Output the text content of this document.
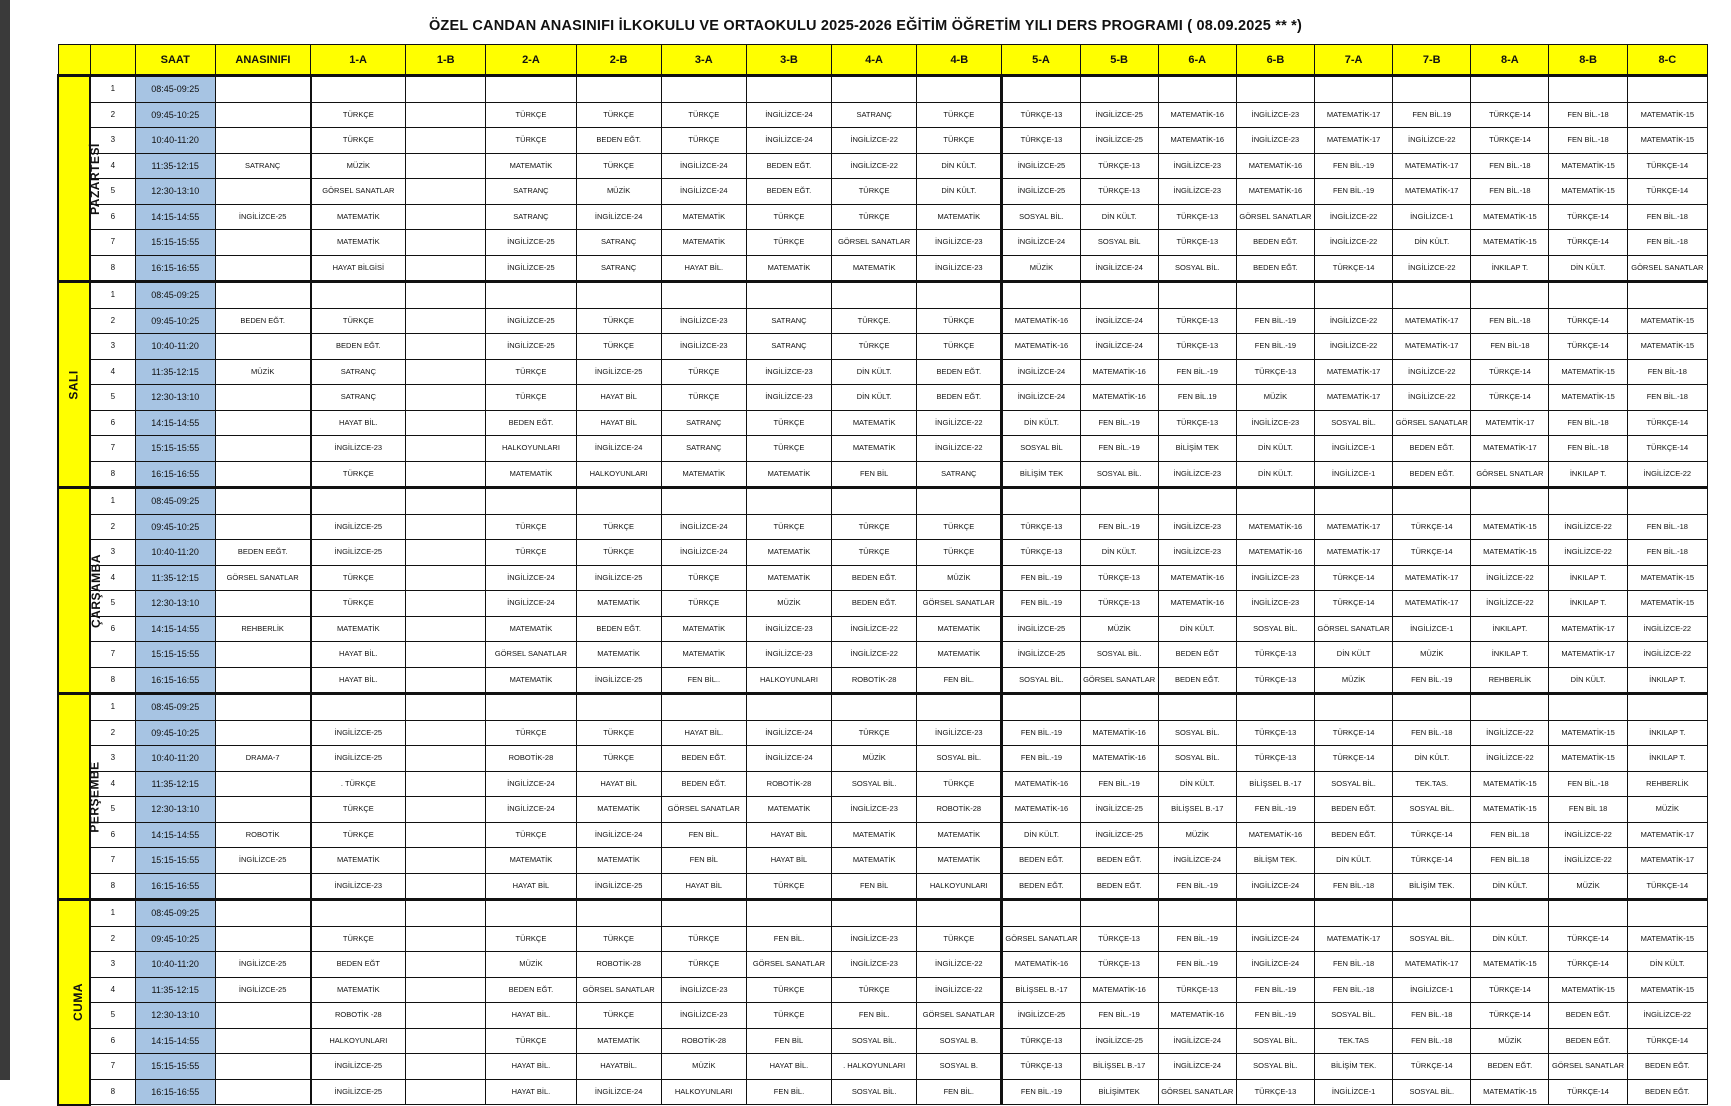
ÖZEL CANDAN ANASINIFI İLKOKULU VE ORTAOKULU 2025-2026 EĞİTİM ÖĞRETİM YILI DERS PROGRAMI ( 08.09.2025 ** *)
		SAAT	ANASINIFI	1-A	1-B	2-A	2-B	3-A	3-B	4-A	4-B	5-A	5-B	6-A	6-B	7-A	7-B	8-A	8-B	8-C
PAZARTESİ	1	08:45-09:25																		
	2	09:45-10:25		TÜRKÇE		TÜRKÇE	TÜRKÇE	TÜRKÇE	İNGİLİZCE-24	SATRANÇ	TÜRKÇE	TÜRKÇE-13	İNGİLİZCE-25	MATEMATİK-16	İNGİLİZCE-23	MATEMATİK-17	FEN BİL.19	TÜRKÇE-14	FEN BİL.-18	MATEMATİK-15
	3	10:40-11:20		TÜRKÇE		TÜRKÇE	BEDEN EĞT.	TÜRKÇE	İNGİLİZCE-24	İNGİLİZCE-22	TÜRKÇE	TÜRKÇE-13	İNGİLİZCE-25	MATEMATİK-16	İNGİLİZCE-23	MATEMATİK-17	İNGİLİZCE-22	TÜRKÇE-14	FEN BİL.-18	MATEMATİK-15
	4	11:35-12:15	SATRANÇ	MÜZİK		MATEMATİK	TÜRKÇE	İNGİLİZCE-24	BEDEN EĞT.	İNGİLİZCE-22	DİN KÜLT.	İNGİLİZCE-25	TÜRKÇE-13	İNGİLİZCE-23	MATEMATİK-16	FEN BİL.-19	MATEMATİK-17	FEN BİL.-18	MATEMATİK-15	TÜRKÇE-14
	5	12:30-13:10		GÖRSEL SANATLAR		SATRANÇ	MÜZİK	İNGİLİZCE-24	BEDEN EĞT.	TÜRKÇE	DİN KÜLT.	İNGİLİZCE-25	TÜRKÇE-13	İNGİLİZCE-23	MATEMATİK-16	FEN BİL.-19	MATEMATİK-17	FEN BİL.-18	MATEMATİK-15	TÜRKÇE-14
	6	14:15-14:55	İNGİLİZCE-25	MATEMATİK		SATRANÇ	İNGİLİZCE-24	MATEMATİK	TÜRKÇE	TÜRKÇE	MATEMATİK	SOSYAL BİL.	DİN KÜLT.	TÜRKÇE-13	GÖRSEL SANATLAR	İNGİLİZCE-22	İNGİLİZCE-1	MATEMATİK-15	TÜRKÇE-14	FEN BİL.-18
	7	15:15-15:55		MATEMATİK		İNGİLİZCE-25	SATRANÇ	MATEMATİK	TÜRKÇE	GÖRSEL SANATLAR	İNGİLİZCE-23	İNGİLİZCE-24	SOSYAL BİL	TÜRKÇE-13	BEDEN EĞT.	İNGİLİZCE-22	DİN KÜLT.	MATEMATİK-15	TÜRKÇE-14	FEN BİL.-18
	8	16:15-16:55		HAYAT BİLGİSİ		İNGİLİZCE-25	SATRANÇ	HAYAT BİL.	MATEMATİK	MATEMATİK	İNGİLİZCE-23	MÜZİK	İNGİLİZCE-24	SOSYAL BİL.	BEDEN EĞT.	TÜRKÇE-14	İNGİLİZCE-22	İNKILAP T.	DİN KÜLT.	GÖRSEL SANATLAR
SALI	1	08:45-09:25																		
	2	09:45-10:25	BEDEN EĞT.	TÜRKÇE		İNGİLİZCE-25	TÜRKÇE	İNGİLİZCE-23	SATRANÇ	TÜRKÇE.	TÜRKÇE	MATEMATİK-16	İNGİLİZCE-24	TÜRKÇE-13	FEN BİL.-19	İNGİLİZCE-22	MATEMATİK-17	FEN BİL.-18	TÜRKÇE-14	MATEMATİK-15
	3	10:40-11:20		BEDEN EĞT.		İNGİLİZCE-25	TÜRKÇE	İNGİLİZCE-23	SATRANÇ	TÜRKÇE	TÜRKÇE	MATEMATİK-16	İNGİLİZCE-24	TÜRKÇE-13	FEN BİL.-19	İNGİLİZCE-22	MATEMATİK-17	FEN BİL-18	TÜRKÇE-14	MATEMATİK-15
	4	11:35-12:15	MÜZİK	SATRANÇ		TÜRKÇE	İNGİLİZCE-25	TÜRKÇE	İNGİLİZCE-23	DİN KÜLT.	BEDEN EĞT.	İNGİLİZCE-24	MATEMATİK-16	FEN BİL.-19	TÜRKÇE-13	MATEMATİK-17	İNGİLİZCE-22	TÜRKÇE-14	MATEMATİK-15	FEN BİL-18
	5	12:30-13:10		SATRANÇ		TÜRKÇE	HAYAT BİL	TÜRKÇE	İNGİLİZCE-23	DİN KÜLT.	BEDEN EĞT.	İNGİLİZCE-24	MATEMATİK-16	FEN BİL.19	MÜZİK	MATEMATİK-17	İNGİLİZCE-22	TÜRKÇE-14	MATEMATİK-15	FEN BİL.-18
	6	14:15-14:55		HAYAT BİL.		BEDEN EĞT.	HAYAT BİL	SATRANÇ	TÜRKÇE	MATEMATİK	İNGİLİZCE-22	DİN KÜLT.	FEN BİL.-19	TÜRKÇE-13	İNGİLİZCE-23	SOSYAL BİL.	GÖRSEL SANATLAR	MATEMTİK-17	FEN BİL.-18	TÜRKÇE-14
	7	15:15-15:55		İNGİLİZCE-23		HALKOYUNLARI	İNGİLİZCE-24	SATRANÇ	TÜRKÇE	MATEMATİK	İNGİLİZCE-22	SOSYAL BİL	FEN BİL.-19	BİLİŞİM TEK	DİN KÜLT.	İNGİLİZCE-1	BEDEN EĞT.	MATEMATİK-17	FEN BİL.-18	TÜRKÇE-14
	8	16:15-16:55		TÜRKÇE		MATEMATİK	HALKOYUNLARI	MATEMATİK	MATEMATİK	FEN BİL	SATRANÇ	BİLİŞİM TEK	SOSYAL BİL.	İNGİLİZCE-23	DİN KÜLT.	İNGİLİZCE-1	BEDEN EĞT.	GÖRSEL SNATLAR	İNKILAP T.	İNGİLİZCE-22
ÇARŞAMBA	1	08:45-09:25																		
	2	09:45-10:25		İNGİLİZCE-25		TÜRKÇE	TÜRKÇE	İNGİLİZCE-24	TÜRKÇE	TÜRKÇE	TÜRKÇE	TÜRKÇE-13	FEN BİL.-19	İNGİLİZCE-23	MATEMATİK-16	MATEMATİK-17	TÜRKÇE-14	MATEMATİK-15	İNGİLİZCE-22	FEN BİL.-18
	3	10:40-11:20	BEDEN EEĞT.	İNGİLİZCE-25		TÜRKÇE	TÜRKÇE	İNGİLİZCE-24	MATEMATİK	TÜRKÇE	TÜRKÇE	TÜRKÇE-13	DİN KÜLT.	İNGİLİZCE-23	MATEMATİK-16	MATEMATİK-17	TÜRKÇE-14	MATEMATİK-15	İNGİLİZCE-22	FEN BİL.-18
	4	11:35-12:15	GÖRSEL SANATLAR	TÜRKÇE		İNGİLİZCE-24	İNGİLİZCE-25	TÜRKÇE	MATEMATİK	BEDEN EĞT.	MÜZİK	FEN BİL.-19	TÜRKÇE-13	MATEMATİK-16	İNGİLİZCE-23	TÜRKÇE-14	MATEMATİK-17	İNGİLİZCE-22	İNKILAP T.	MATEMATİK-15
	5	12:30-13:10		TÜRKÇE		İNGİLİZCE-24	MATEMATİK	TÜRKÇE	MÜZİK	BEDEN EĞT.	GÖRSEL SANATLAR	FEN BİL.-19	TÜRKÇE-13	MATEMATİK-16	İNGİLİZCE-23	TÜRKÇE-14	MATEMATİK-17	İNGİLİZCE-22	İNKILAP T.	MATEMATİK-15
	6	14:15-14:55	REHBERLİK	MATEMATİK		MATEMATİK	BEDEN EĞT.	MATEMATİK	İNGİLİZCE-23	İNGİLİZCE-22	MATEMATİK	İNGİLİZCE-25	MÜZİK	DİN KÜLT.	SOSYAL BİL.	GÖRSEL SANATLAR	İNGİLİZCE-1	İNKILAPT.	MATEMATİK-17	İNGİLİZCE-22
	7	15:15-15:55		HAYAT BİL.		GÖRSEL SANATLAR	MATEMATİK	MATEMATİK	İNGİLİZCE-23	İNGİLİZCE-22	MATEMATİK	İNGİLİZCE-25	SOSYAL BİL.	BEDEN EĞT	TÜRKÇE-13	DİN KÜLT	MÜZİK	İNKILAP T.	MATEMATİK-17	İNGİLİZCE-22
	8	16:15-16:55		HAYAT BİL.		MATEMATİK	İNGİLİZCE-25	FEN BİL..	HALKOYUNLARI	ROBOTİK-28	FEN BİL.	SOSYAL BİL.	GÖRSEL SANATLAR	BEDEN EĞT.	TÜRKÇE-13	MÜZİK	FEN BİL.-19	REHBERLİK	DİN KÜLT.	İNKILAP T.
PERŞEMBE	1	08:45-09:25																		
	2	09:45-10:25		İNGİLİZCE-25		TÜRKÇE	TÜRKÇE	HAYAT BİL.	İNGİLİZCE-24	TÜRKÇE	İNGİLİZCE-23	FEN BİL.-19	MATEMATİK-16	SOSYAL BİL.	TÜRKÇE-13	TÜRKÇE-14	FEN BİL.-18	İNGİLİZCE-22	MATEMATİK-15	İNKILAP T.
	3	10:40-11:20	DRAMA-7	İNGİLİZCE-25		ROBOTİK-28	TÜRKÇE	BEDEN EĞT.	İNGİLİZCE-24	MÜZİK	SOSYAL BİL.	FEN BİL.-19	MATEMATİK-16	SOSYAL BİL.	TÜRKÇE-13	TÜRKÇE-14	DİN KÜLT.	İNGİLİZCE-22	MATEMATİK-15	İNKILAP T.
	4	11:35-12:15		. TÜRKÇE		İNGİLİZCE-24	HAYAT BİL	BEDEN EĞT.	ROBOTİK-28	SOSYAL BİL.	TÜRKÇE	MATEMATİK-16	FEN BİL.-19	DİN KÜLT.	BİLİŞSEL B.-17	SOSYAL BİL.	TEK.TAS.	MATEMATİK-15	FEN BİL.-18	REHBERLİK
	5	12:30-13:10		TÜRKÇE		İNGİLİZCE-24	MATEMATİK	GÖRSEL SANATLAR	MATEMATİK	İNGİLİZCE-23	ROBOTİK-28	MATEMATİK-16	İNGİLİZCE-25	BİLİŞSEL B.-17	FEN BİL.-19	BEDEN EĞT.	SOSYAL BİL.	MATEMATİK-15	FEN BİL 18	MÜZİK
	6	14:15-14:55	ROBOTİK	TÜRKÇE		TÜRKÇE	İNGİLİZCE-24	FEN BİL.	HAYAT BİL	MATEMATİK	MATEMATİK	DİN KÜLT.	İNGİLİZCE-25	MÜZİK	MATEMATİK-16	BEDEN EĞT.	TÜRKÇE-14	FEN BİL.18	İNGİLİZCE-22	MATEMATİK-17
	7	15:15-15:55	İNGİLİZCE-25	MATEMATİK		MATEMATİK	MATEMATİK	FEN BİL	HAYAT BİL	MATEMATİK	MATEMATİK	BEDEN EĞT.	BEDEN EĞT.	İNGİLİZCE-24	BİLİŞM TEK.	DİN KÜLT.	TÜRKÇE-14	FEN BİL.18	İNGİLİZCE-22	MATEMATİK-17
	8	16:15-16:55		İNGİLİZCE-23		HAYAT BİL	İNGİLİZCE-25	HAYAT BİL	TÜRKÇE	FEN BİL	HALKOYUNLARI	BEDEN EĞT.	BEDEN EĞT.	FEN BİL.-19	İNGİLİZCE-24	FEN BİL.-18	BİLİŞİM TEK.	DİN KÜLT.	MÜZİK	TÜRKÇE-14
CUMA	1	08:45-09:25																		
	2	09:45-10:25		TÜRKÇE		TÜRKÇE	TÜRKÇE	TÜRKÇE	FEN BİL.	İNGİLİZCE-23	TÜRKÇE	GÖRSEL SANATLAR	TÜRKÇE-13	FEN BİL.-19	İNGİLİZCE-24	MATEMATİK-17	SOSYAL BİL.	DİN KÜLT.	TÜRKÇE-14	MATEMATİK-15
	3	10:40-11:20	İNGİLİZCE-25	BEDEN EĞT		MÜZİK	ROBOTİK-28	TÜRKÇE	GÖRSEL SANATLAR	İNGİLİZCE-23	İNGİLİZCE-22	MATEMATİK-16	TÜRKÇE-13	FEN BİL.-19	İNGİLİZCE-24	FEN BİL.-18	MATEMATİK-17	MATEMATİK-15	TÜRKÇE-14	DİN KÜLT.
	4	11:35-12:15	İNGİLİZCE-25	MATEMATİK		BEDEN EĞT.	GÖRSEL SANATLAR	İNGİLİZCE-23	TÜRKÇE	TÜRKÇE	İNGİLİZCE-22	BİLİŞSEL B.-17	MATEMATİK-16	TÜRKÇE-13	FEN BİL.-19	FEN BİL.-18	İNGİLİZCE-1	TÜRKÇE-14	MATEMATİK-15	MATEMATİK-15
	5	12:30-13:10		ROBOTİK -28		HAYAT BİL.	TÜRKÇE	İNGİLİZCE-23	TÜRKÇE	FEN BİL.	GÖRSEL SANATLAR	İNGİLİZCE-25	FEN BİL.-19	MATEMATİK-16	FEN BİL.-19	SOSYAL BİL.	FEN BİL.-18	TÜRKÇE-14	BEDEN EĞT.	İNGİLİZCE-22
	6	14:15-14:55		HALKOYUNLARI		TÜRKÇE	MATEMATİK	ROBOTİK-28	FEN BİL	SOSYAL BİL.	SOSYAL B.	TÜRKÇE-13	İNGİLİZCE-25	İNGİLİZCE-24	SOSYAL BİL.	TEK.TAS	FEN BİL.-18	MÜZİK	BEDEN EĞT.	TÜRKÇE-14
	7	15:15-15:55		İNGİLİZCE-25		HAYAT BİL.	HAYATBİL.	MÜZİK	HAYAT BİL.	. HALKOYUNLARI	SOSYAL B.	TÜRKÇE-13	BİLİŞSEL B.-17	İNGİLİZCE-24	SOSYAL BİL.	BİLİŞİM TEK.	TÜRKÇE-14	BEDEN EĞT.	GÖRSEL SANATLAR	BEDEN EĞT.
	8	16:15-16:55		İNGİLİZCE-25		HAYAT BİL.	İNGİLİZCE-24	HALKOYUNLARI	FEN BİL.	SOSYAL BİL.	FEN BİL.	FEN BİL.-19	BİLİŞİMTEK	GÖRSEL SANATLAR	TÜRKÇE-13	İNGİLİZCE-1	SOSYAL BİL.	MATEMATİK-15	TÜRKÇE-14	BEDEN EĞT.
